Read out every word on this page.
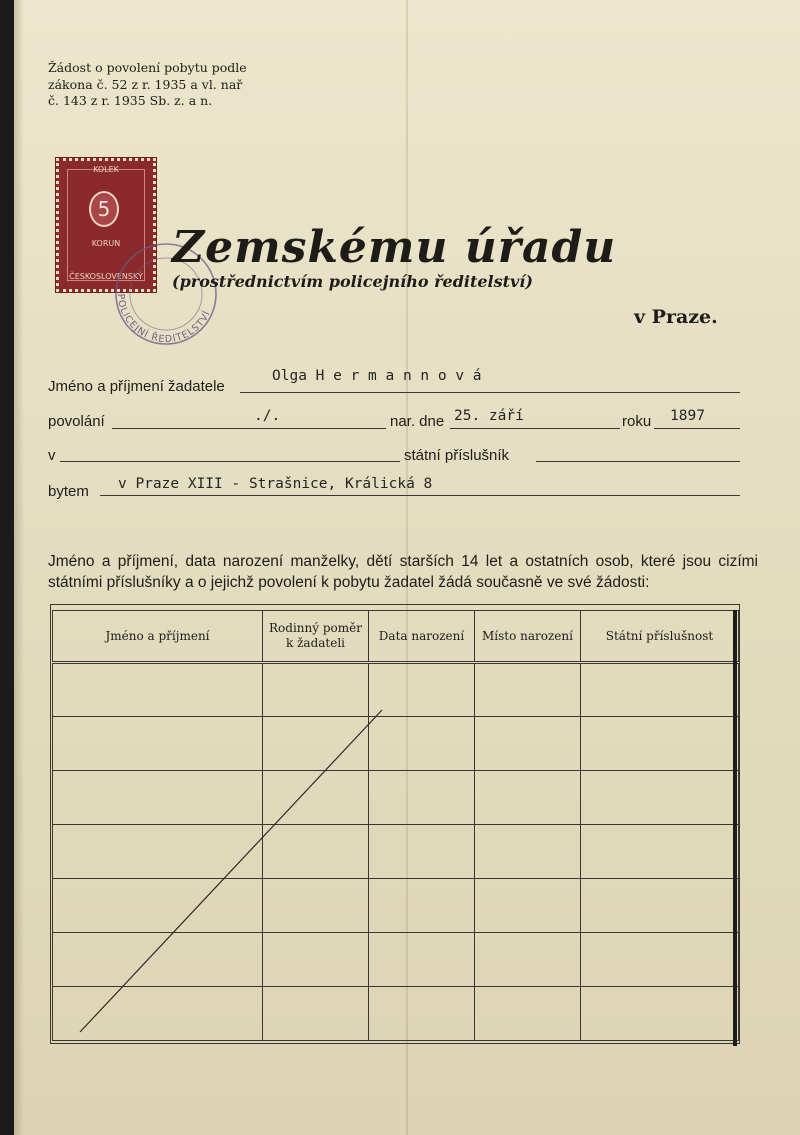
Žádost o povolení pobytu podle
zákona č. 52 z r. 1935 a vl. nař
č. 143 z r. 1935 Sb. z. a n.
KOLEK
5
KORUN
ČESKOSLOVENSKÝ
POLICEJNÍ ŘEDITELSTVÍ
Zemskému úřadu
(prostřednictvím policejního ředitelství)
v Praze.
Jméno a příjmení žadatele
Olga H e r m a n n o v á
povolání	./.	nar. dne 25. září	roku 1897
v	státní příslušník
bytem v Praze XIII - Strašnice, Králická 8
Jméno a příjmení, data narození manželky, dětí starších 14 let a ostatních osob, které jsou cizími státními příslušníky a o jejichž povolení k pobytu žadatel žádá současně ve své žádosti:
Jméno a příjmení	Rodinný poměr k žadateli	Data narození	Místo narození	Státní příslušnost
